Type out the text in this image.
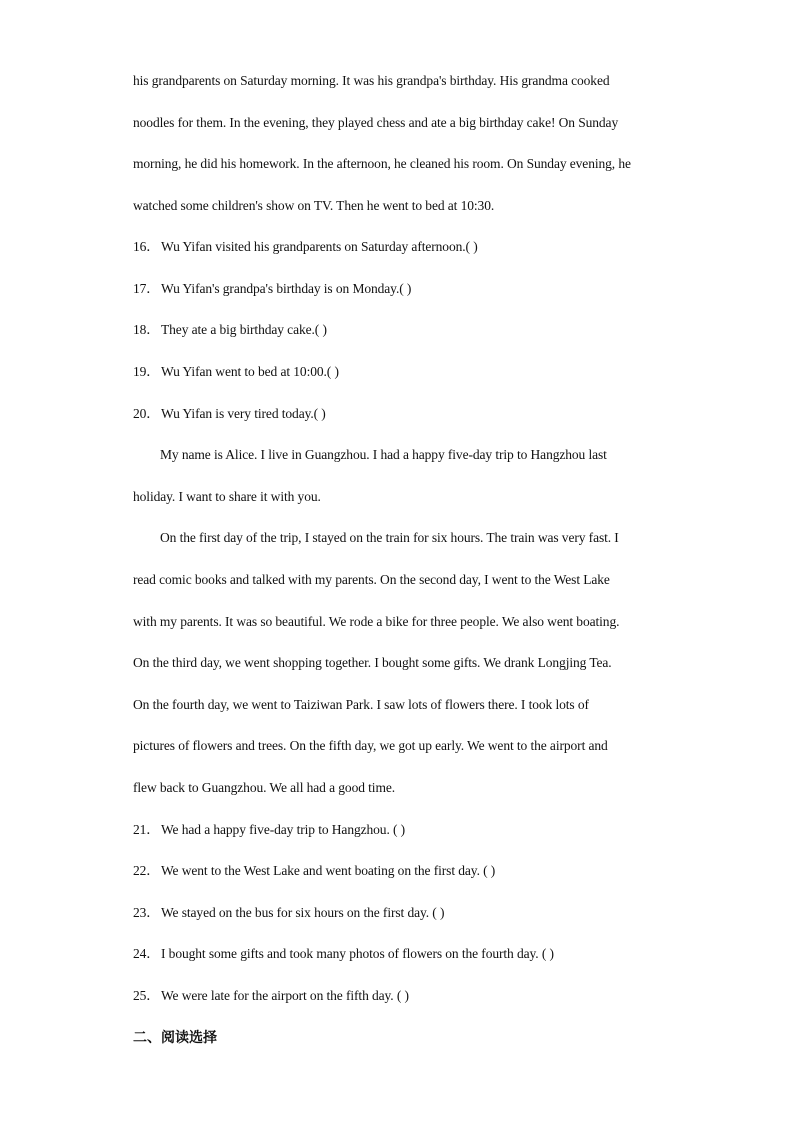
his grandparents on Saturday morning. It was his grandpa's birthday. His grandma cooked
noodles for them. In the evening, they played chess and ate a big birthday cake! On Sunday
morning, he did his homework. In the afternoon, he cleaned his room. On Sunday evening, he
watched some children's show on TV. Then he went to bed at 10:30.
16．Wu Yifan visited his grandparents on Saturday afternoon.( )
17．Wu Yifan's grandpa's birthday is on Monday.( )
18．They ate a big birthday cake.( )
19．Wu Yifan went to bed at 10:00.( )
20．Wu Yifan is very tired today.( )
My name is Alice. I live in Guangzhou. I had a happy five-day trip to Hangzhou last
holiday. I want to share it with you.
On the first day of the trip, I stayed on the train for six hours. The train was very fast. I
read comic books and talked with my parents. On the second day, I went to the West Lake
with my parents. It was so beautiful. We rode a bike for three people. We also went boating.
On the third day, we went shopping together. I bought some gifts. We drank Longjing Tea.
On the fourth day, we went to Taiziwan Park. I saw lots of flowers there. I took lots of
pictures of flowers and trees. On the fifth day, we got up early. We went to the airport and
flew back to Guangzhou. We all had a good time.
21．We had a happy five-day trip to Hangzhou. ( )
22．We went to the West Lake and went boating on the first day. ( )
23．We stayed on the bus for six hours on the first day. ( )
24．I bought some gifts and took many photos of flowers on the fourth day. ( )
25．We were late for the airport on the fifth day. ( )
二、阅读选择
